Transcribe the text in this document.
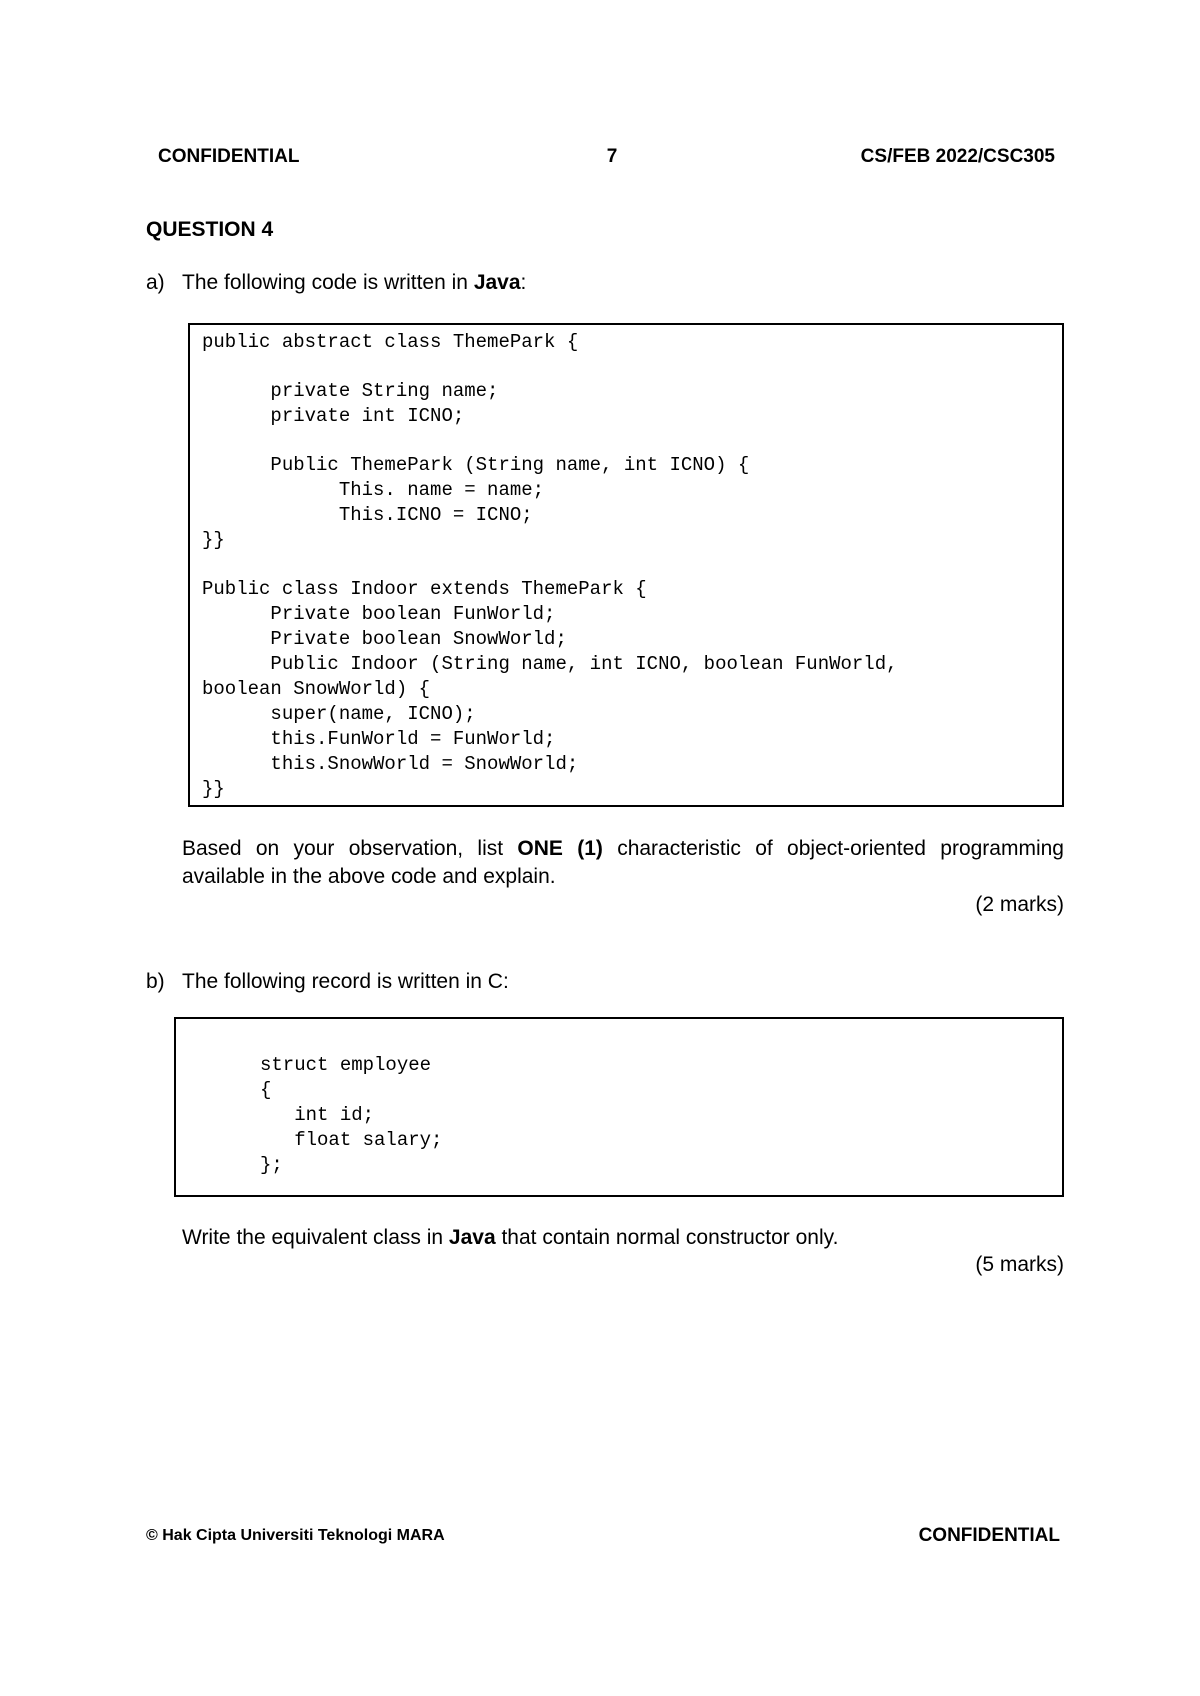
CONFIDENTIAL	7	CS/FEB 2022/CSC305
QUESTION 4
a) The following code is written in Java:
public abstract class ThemePark {
private String name;
private int ICNO;
Public ThemePark (String name, int ICNO) {
This. name = name;
This.ICNO = ICNO;
}}
Public class Indoor extends ThemePark {
Private boolean FunWorld;
Private boolean SnowWorld;
Public Indoor (String name, int ICNO, boolean FunWorld,
boolean SnowWorld) {
super(name, ICNO);
this.FunWorld = FunWorld;
this.SnowWorld = SnowWorld;
}}
Based on your observation, list ONE (1) characteristic of object-oriented programming available in the above code and explain.
(2 marks)
b) The following record is written in C:
struct employee
{
int id;
float salary;
};
Write the equivalent class in Java that contain normal constructor only.
(5 marks)
© Hak Cipta Universiti Teknologi MARA	CONFIDENTIAL
